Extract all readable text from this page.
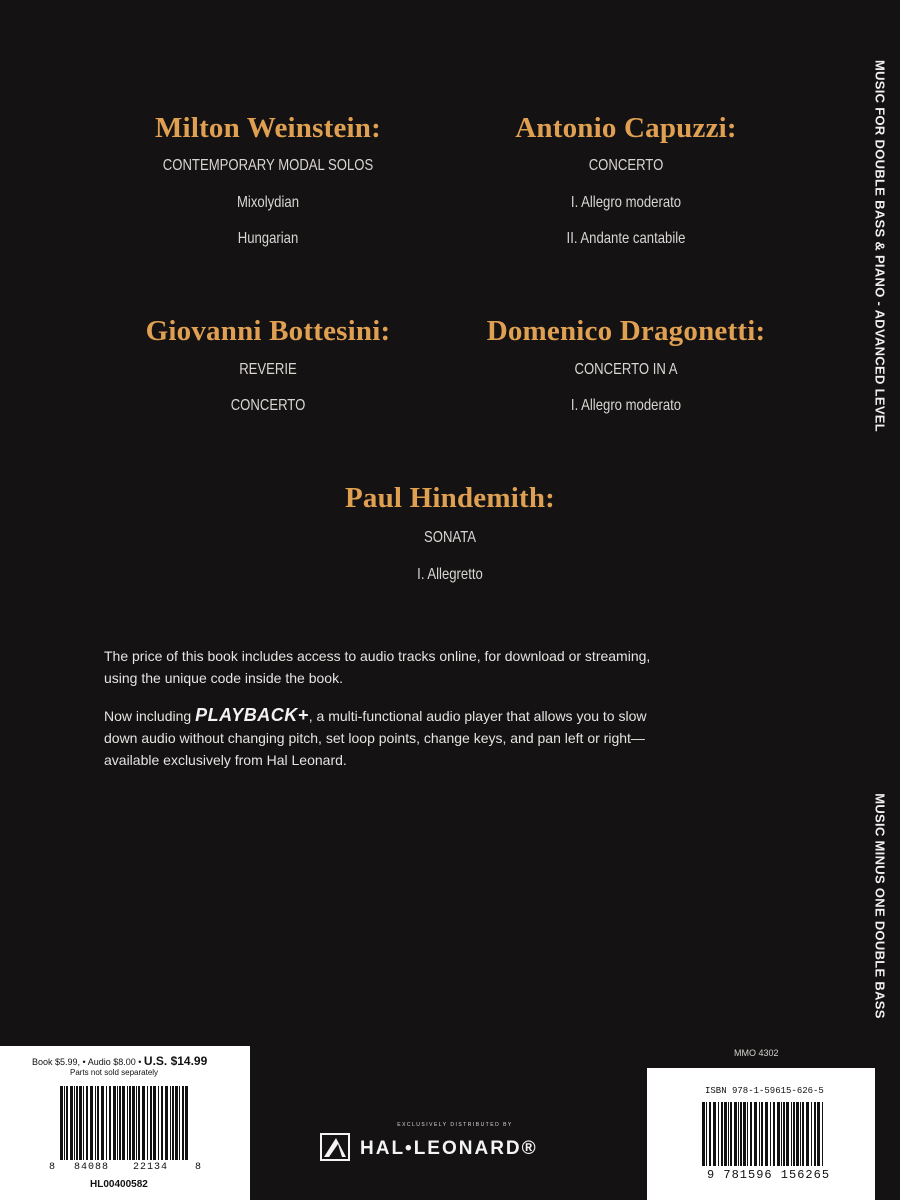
Milton Weinstein:
CONTEMPORARY MODAL SOLOS
Mixolydian
Hungarian
Antonio Capuzzi:
CONCERTO
I. Allegro moderato
II. Andante cantabile
Giovanni Bottesini:
REVERIE
CONCERTO
Domenico Dragonetti:
CONCERTO IN A
I. Allegro moderato
Paul Hindemith:
SONATA
I. Allegretto
The price of this book includes access to audio tracks online, for download or streaming,
using the unique code inside the book.
Now including PLAYBACK+, a multi-functional audio player that allows you to slow
down audio without changing pitch, set loop points, change keys, and pan left or right—
available exclusively from Hal Leonard.
MUSIC FOR DOUBLE BASS & PIANO - ADVANCED LEVEL
MUSIC MINUS ONE DOUBLE BASS
Book $5.99, • Audio $8.00 • U.S. $14.99
Parts not sold separately
8 84088 22134	8
HL00400582
MMO 4302
EXCLUSIVELY DISTRIBUTED BY
HAL•LEONARD®
ISBN 978-1-59615-626-5
9 781596 156265
